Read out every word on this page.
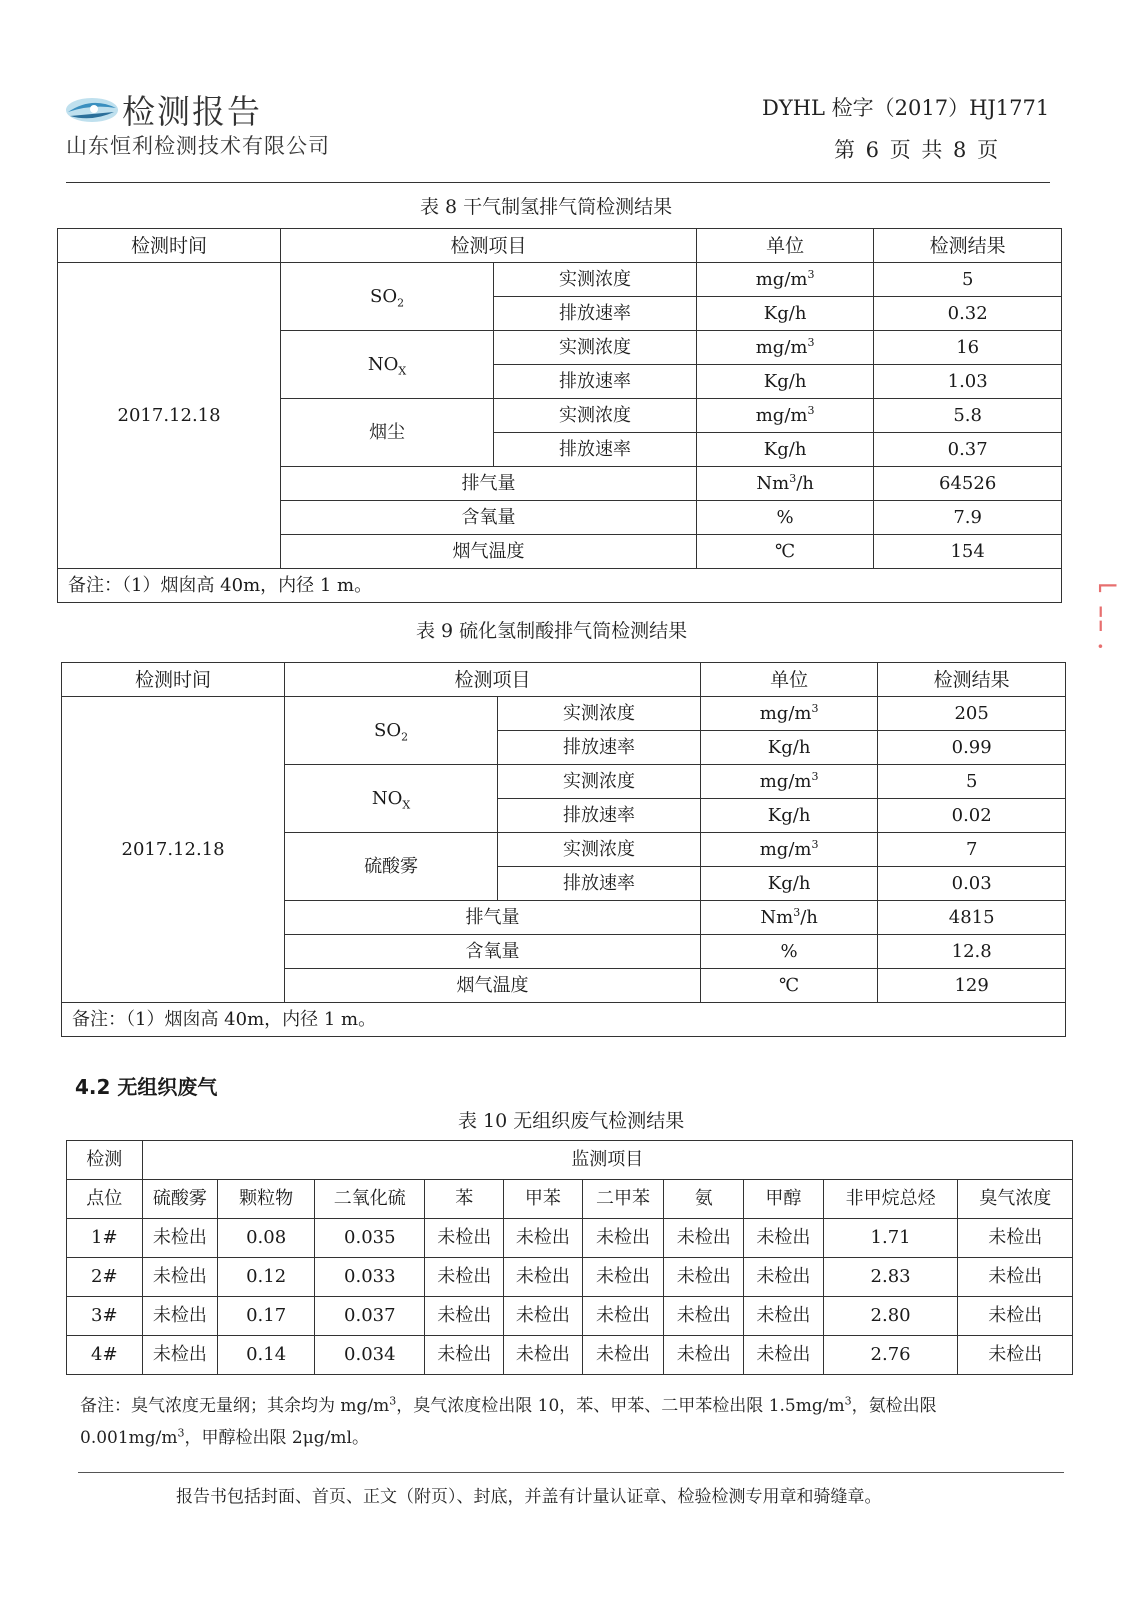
检测报告
山东恒利检测技术有限公司
DYHL 检字（2017）HJ1771
第 6 页 共 8 页
表 8 干气制氢排气筒检测结果
检测时间	检测项目		单位	检测结果
2017.12.18	$SO_2$	实测浓度	$mg/m^3$	5
		排放速率	Kg/h	0.32
	$NO_X$	实测浓度	$mg/m^3$	16
		排放速率	Kg/h	1.03
	烟尘	实测浓度	$mg/m^3$	5.8
		排放速率	Kg/h	0.37
	排气量		Nm$^3$/h	64526
	含氧量		%	7.9
	烟气温度		℃	154
备注：（1）烟囱高 40m，内径 1 m。				
表 9 硫化氢制酸排气筒检测结果
检测时间	检测项目		单位	检测结果
2017.12.18	$SO_2$	实测浓度	$mg/m^3$	205
		排放速率	Kg/h	0.99
	$NO_X$	实测浓度	$mg/m^3$	5
		排放速率	Kg/h	0.02
	硫酸雾	实测浓度	$mg/m^3$	7
		排放速率	Kg/h	0.03
	排气量		Nm$^3$/h	4815
	含氧量		%	12.8
	烟气温度		℃	129
备注：（1）烟囱高 40m，内径 1 m。				
4.2 无组织废气
表 10 无组织废气检测结果
检测	监测项目									
点位	硫酸雾	颗粒物	二氧化硫	苯	甲苯	二甲苯	氨	甲醇	非甲烷总烃	臭气浓度
1#	未检出	0.08	0.035	未检出	未检出	未检出	未检出	未检出	1.71	未检出
2#	未检出	0.12	0.033	未检出	未检出	未检出	未检出	未检出	2.83	未检出
3#	未检出	0.17	0.037	未检出	未检出	未检出	未检出	未检出	2.80	未检出
4#	未检出	0.14	0.034	未检出	未检出	未检出	未检出	未检出	2.76	未检出
备注：臭气浓度无量纲；其余均为 $mg/m^3$，臭气浓度检出限 10，苯、甲苯、二甲苯检出限 $1.5mg/m^3$，氨检出限 $0.001mg/m^3$，甲醇检出限 2μg/ml。
报告书包括封面、首页、正文（附页）、封底，并盖有计量认证章、检验检测专用章和骑缝章。
⌐
¦
·
